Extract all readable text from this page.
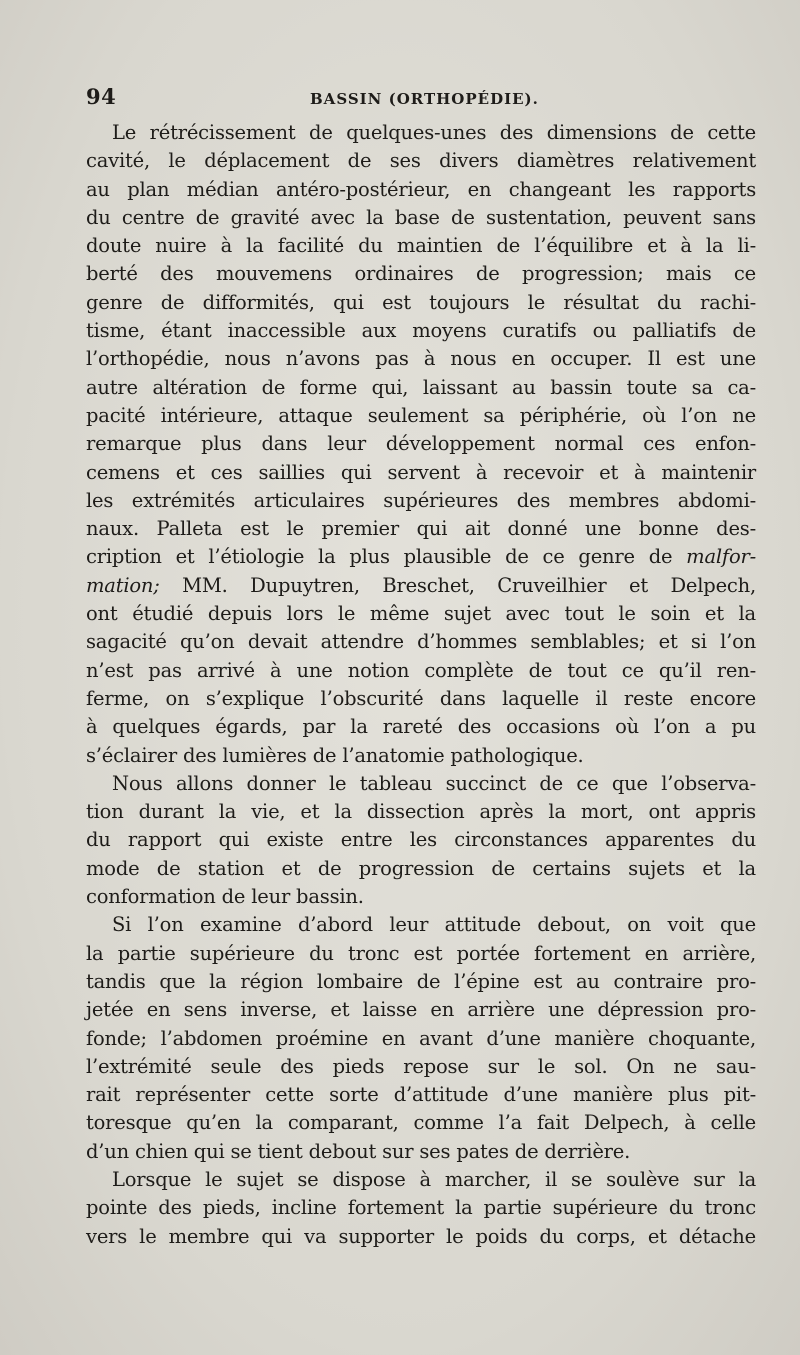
94	BASSIN (ORTHOPÉDIE).
Le rétrécissement de quelques-unes des dimensions de cette
cavité, le déplacement de ses divers diamètres relativement
au plan médian antéro-postérieur, en changeant les rapports
du centre de gravité avec la base de sustentation, peuvent sans
doute nuire à la facilité du maintien de l’équilibre et à la li-
berté des mouvemens ordinaires de progression; mais ce
genre de difformités, qui est toujours le résultat du rachi-
tisme, étant inaccessible aux moyens curatifs ou palliatifs de
l’orthopédie, nous n’avons pas à nous en occuper. Il est une
autre altération de forme qui, laissant au bassin toute sa ca-
pacité intérieure, attaque seulement sa périphérie, où l’on ne
remarque plus dans leur développement normal ces enfon-
cemens et ces saillies qui servent à recevoir et à maintenir
les extrémités articulaires supérieures des membres abdomi-
naux. Palleta est le premier qui ait donné une bonne des-
cription et l’étiologie la plus plausible de ce genre de malfor-
mation; MM. Dupuytren, Breschet, Cruveilhier et Delpech,
ont étudié depuis lors le même sujet avec tout le soin et la
sagacité qu’on devait attendre d’hommes semblables; et si l’on
n’est pas arrivé à une notion complète de tout ce qu’il ren-
ferme, on s’explique l’obscurité dans laquelle il reste encore
à quelques égards, par la rareté des occasions où l’on a pu
s’éclairer des lumières de l’anatomie pathologique.
Nous allons donner le tableau succinct de ce que l’observa-
tion durant la vie, et la dissection après la mort, ont appris
du rapport qui existe entre les circonstances apparentes du
mode de station et de progression de certains sujets et la
conformation de leur bassin.
Si l’on examine d’abord leur attitude debout, on voit que
la partie supérieure du tronc est portée fortement en arrière,
tandis que la région lombaire de l’épine est au contraire pro-
jetée en sens inverse, et laisse en arrière une dépression pro-
fonde; l’abdomen proémine en avant d’une manière choquante,
l’extrémité seule des pieds repose sur le sol. On ne sau-
rait représenter cette sorte d’attitude d’une manière plus pit-
toresque qu’en la comparant, comme l’a fait Delpech, à celle
d’un chien qui se tient debout sur ses pates de derrière.
Lorsque le sujet se dispose à marcher, il se soulève sur la
pointe des pieds, incline fortement la partie supérieure du tronc
vers le membre qui va supporter le poids du corps, et détache
